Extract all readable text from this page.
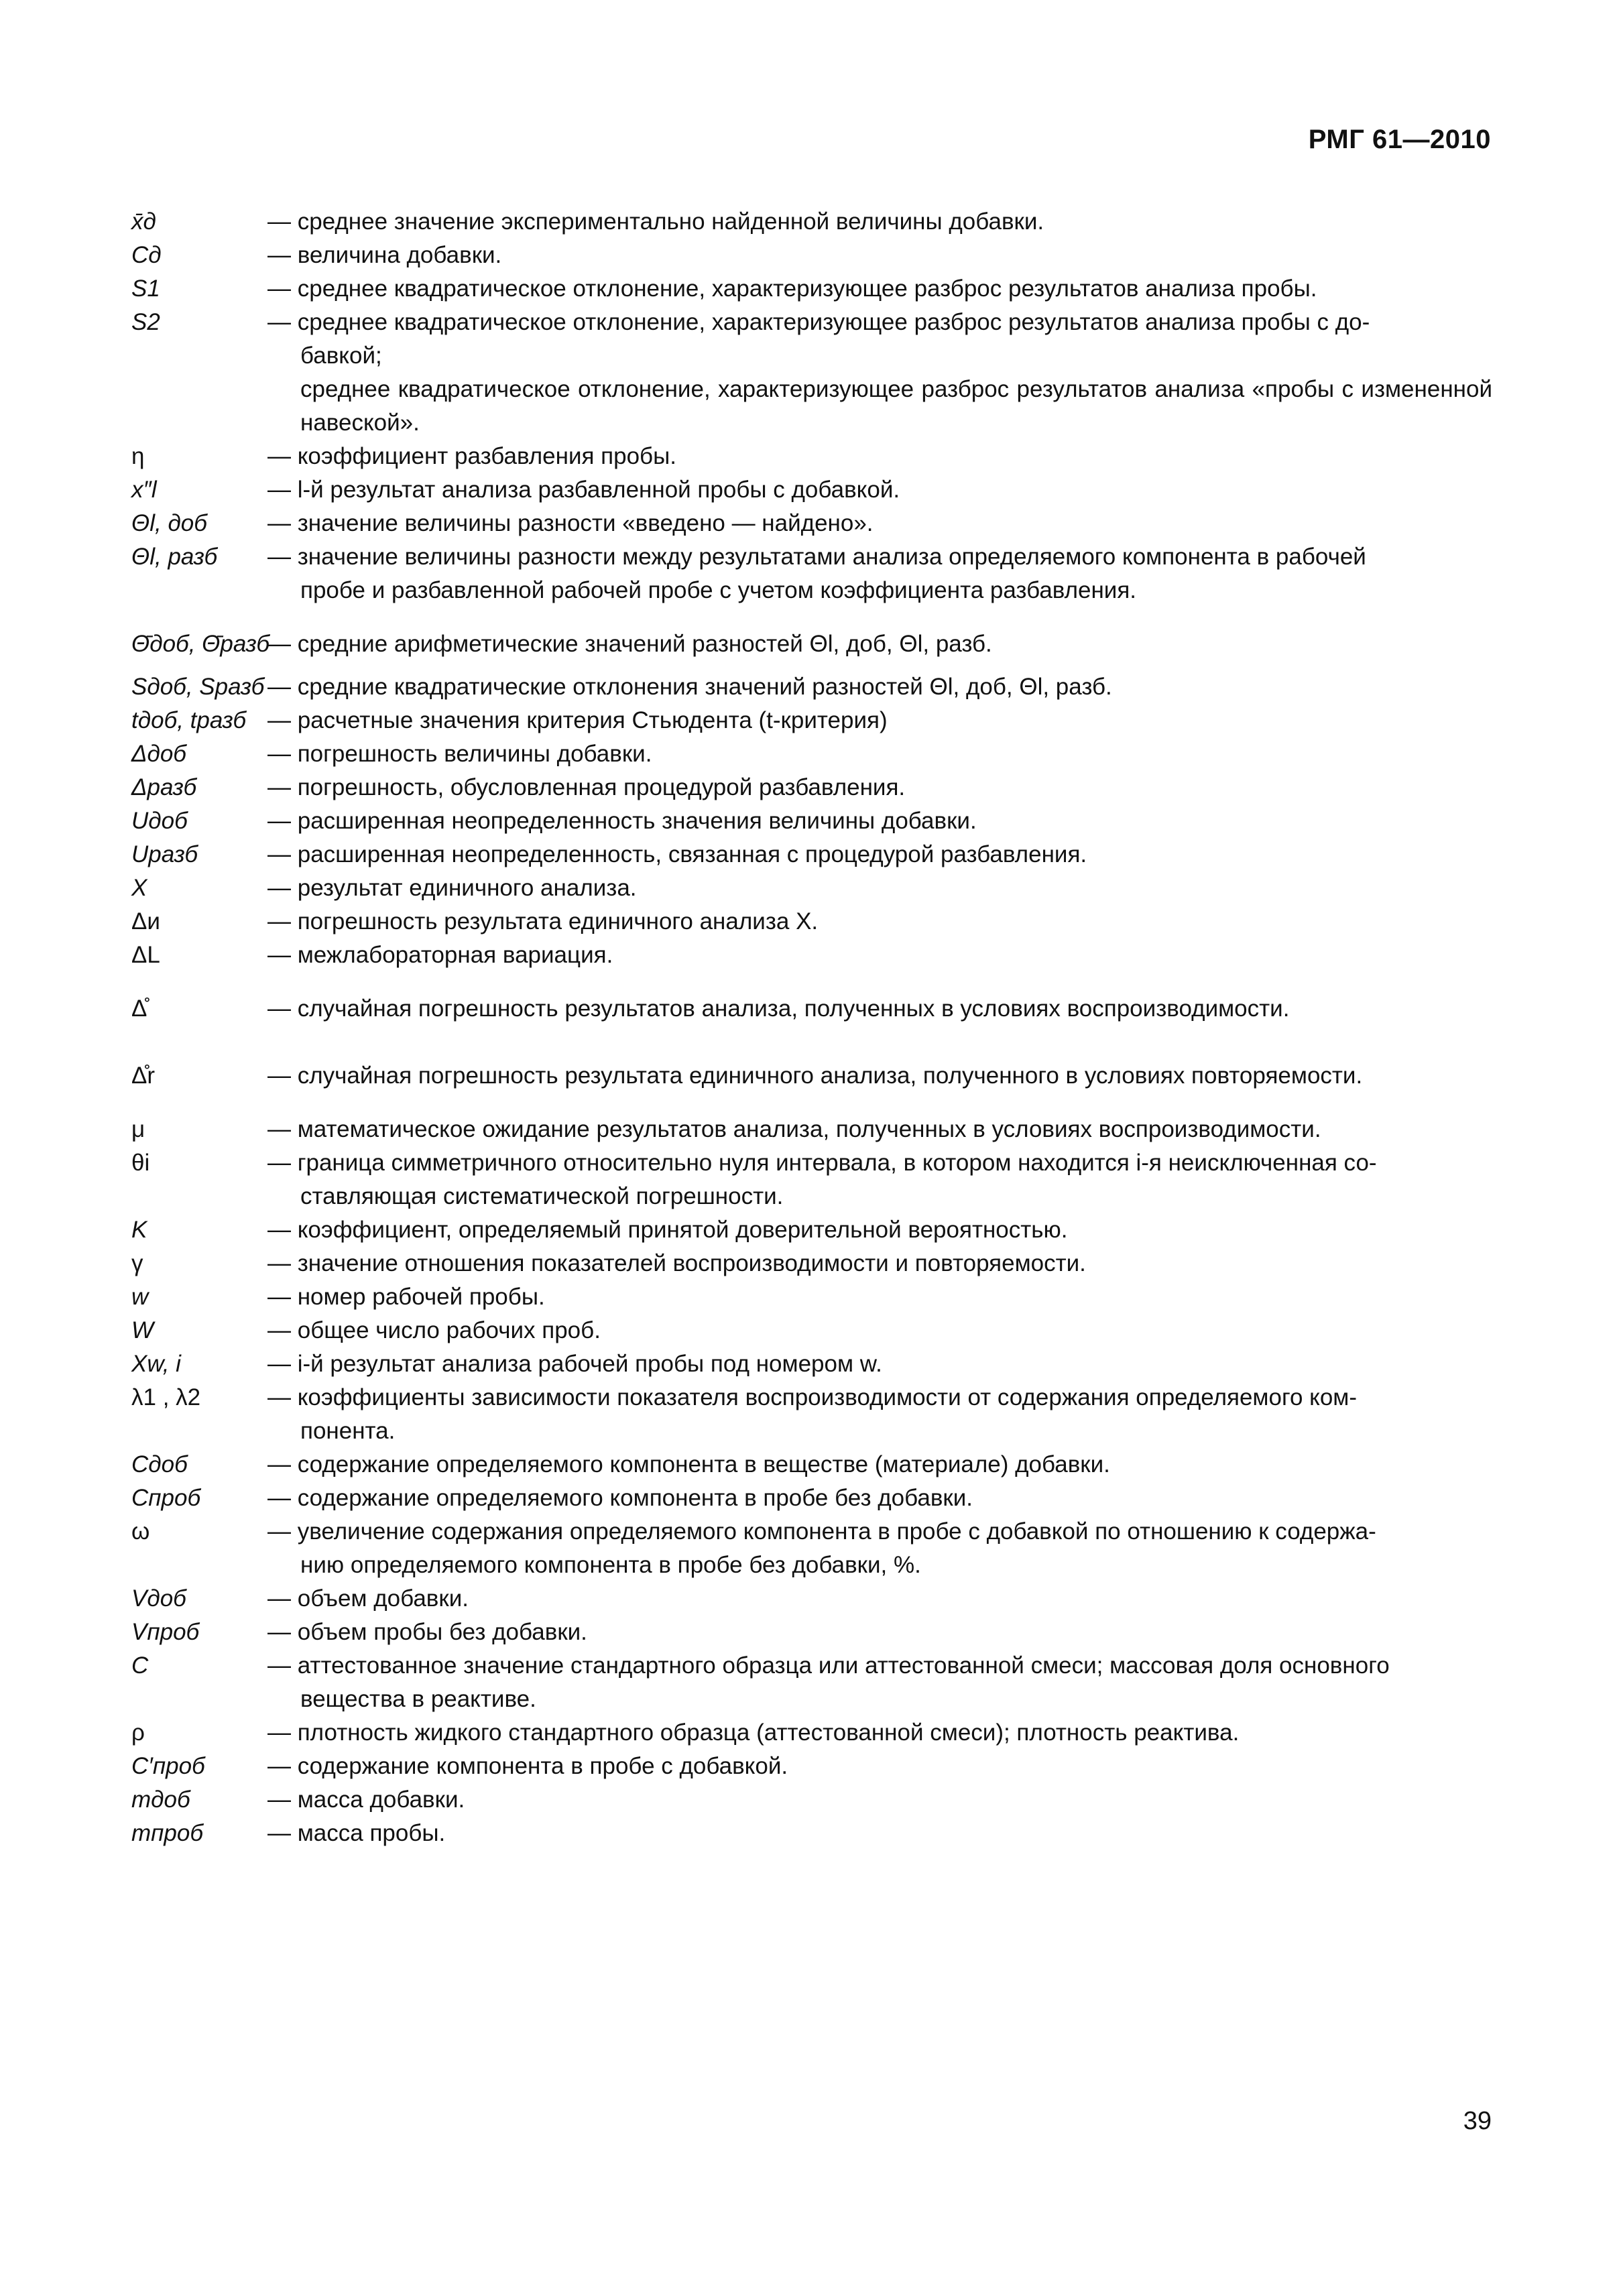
РМГ 61—2010
x̄д	— среднее значение экспериментально найденной величины добавки.
Cд	— величина добавки.
S1	— среднее квадратическое отклонение, характеризующее разброс результатов анализа пробы.
S2	— среднее квадратическое отклонение, характеризующее разброс результатов анализа пробы с до-
бавкой;
среднее квадратическое отклонение, характеризующее разброс результатов анализа «пробы с измененной навеской».
η	— коэффициент разбавления пробы.
x″l	— l-й результат анализа разбавленной пробы с добавкой.
Θl, доб	— значение величины разности «введено — найдено».
Θl, разб	— значение величины разности между результатами анализа определяемого компонента в рабочей
пробе и разбавленной рабочей пробе с учетом коэффициента разбавления.
Θ̄доб, Θ̄разб
— средние арифметические значений разностей Θl, доб, Θl, разб.
Sдоб, Sразб — средние квадратические отклонения значений разностей Θl, доб, Θl, разб.
tдоб, tразб — расчетные значения критерия Стьюдента (t-критерия)
Δдоб	— погрешность величины добавки.
Δразб	— погрешность, обусловленная процедурой разбавления.
Uдоб	— расширенная неопределенность значения величины добавки.
Uразб	— расширенная неопределенность, связанная с процедурой разбавления.
X	— результат единичного анализа.
Δи	— погрешность результата единичного анализа X.
ΔL	— межлабораторная вариация.
Δ̊	— случайная погрешность результатов анализа, полученных в условиях воспроизводимости.
Δ̊r	— случайная погрешность результата единичного анализа, полученного в условиях повторяемости.
μ	— математическое ожидание результатов анализа, полученных в условиях воспроизводимости.
θi	— граница симметричного относительно нуля интервала, в котором находится i-я неисключенная со-
ставляющая систематической погрешности.
K	— коэффициент, определяемый принятой доверительной вероятностью.
γ	— значение отношения показателей воспроизводимости и повторяемости.
w	— номер рабочей пробы.
W	— общее число рабочих проб.
Xw, i	— i-й результат анализа рабочей пробы под номером w.
λ1 , λ2	— коэффициенты зависимости показателя воспроизводимости от содержания определяемого ком-
понента.
Cдоб	— содержание определяемого компонента в веществе (материале) добавки.
Cпроб	— содержание определяемого компонента в пробе без добавки.
ω	— увеличение содержания определяемого компонента в пробе с добавкой по отношению к содержа-
нию определяемого компонента в пробе без добавки, %.
Vдоб	— объем добавки.
Vпроб	— объем пробы без добавки.
C	— аттестованное значение стандартного образца или аттестованной смеси; массовая доля основного
вещества в реактиве.
ρ	— плотность жидкого стандартного образца (аттестованной смеси); плотность реактива.
C′проб	— содержание компонента в пробе с добавкой.
mдоб	— масса добавки.
mпроб	— масса пробы.
39
